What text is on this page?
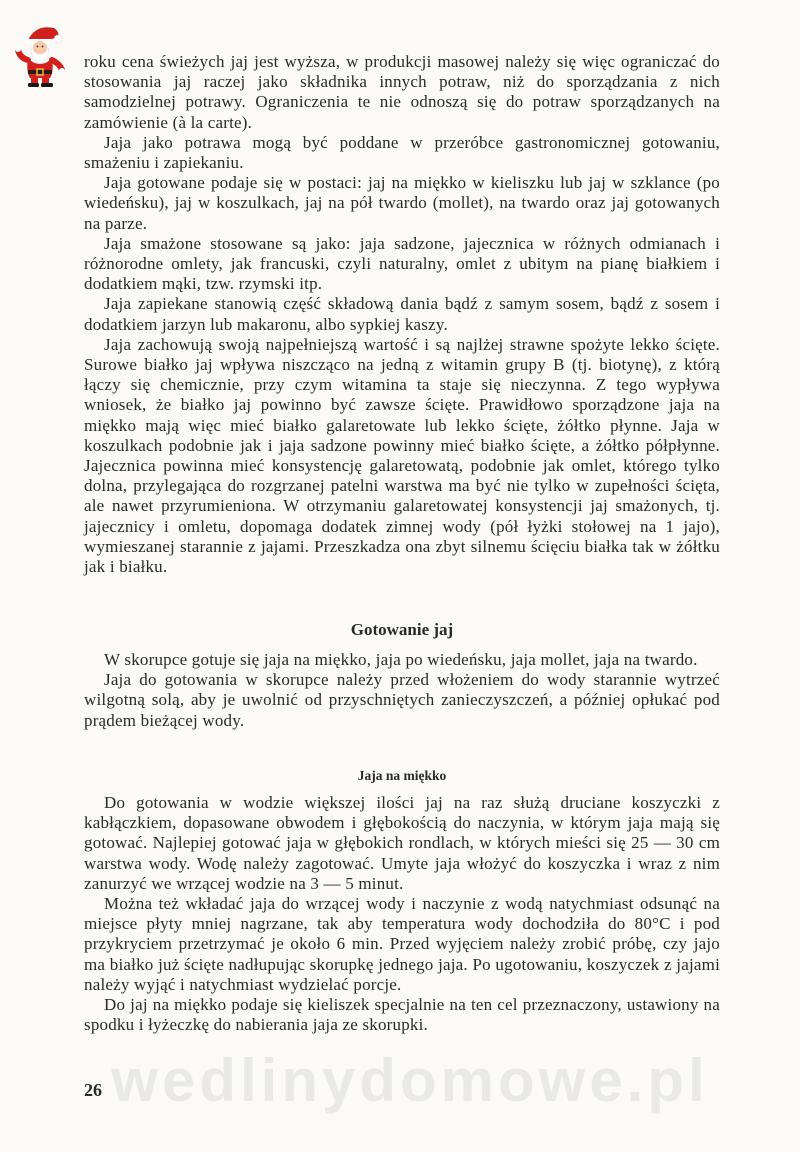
roku cena świeżych jaj jest wyższa, w produkcji masowej należy się więc ograniczać do stosowania jaj raczej jako składnika innych potraw, niż do sporządzania z nich samodzielnej potrawy. Ograniczenia te nie odnoszą się do potraw sporządzanych na zamówienie (à la carte).

Jaja jako potrawa mogą być poddane w przeróbce gastronomicznej gotowaniu, smażeniu i zapiekaniu.

Jaja gotowane podaje się w postaci: jaj na miękko w kieliszku lub jaj w szklance (po wiedeńsku), jaj w koszulkach, jaj na pół twardo (mollet), na twardo oraz jaj gotowanych na parze.

Jaja smażone stosowane są jako: jaja sadzone, jajecznica w różnych odmianach i różnorodne omlety, jak francuski, czyli naturalny, omlet z ubitym na pianę białkiem i dodatkiem mąki, tzw. rzymski itp.

Jaja zapiekane stanowią część składową dania bądź z samym sosem, bądź z sosem i dodatkiem jarzyn lub makaronu, albo sypkiej kaszy.

Jaja zachowują swoją najpełniejszą wartość i są najlżej strawne spożyte lekko ścięte. Surowe białko jaj wpływa niszcząco na jedną z witamin grupy B (tj. biotynę), z którą łączy się chemicznie, przy czym witamina ta staje się nieczynna. Z tego wypływa wniosek, że białko jaj powinno być zawsze ścięte. Prawidłowo sporządzone jaja na miękko mają więc mieć białko galaretowate lub lekko ścięte, żółtko płynne. Jaja w koszulkach podobnie jak i jaja sadzone powinny mieć białko ścięte, a żółtko półpłynne. Jajecznica powinna mieć konsystencję galaretowatą, podobnie jak omlet, którego tylko dolna, przylegająca do rozgrzanej patelni warstwa ma być nie tylko w zupełności ścięta, ale nawet przyrumieniona. W otrzymaniu galaretowatej konsystencji jaj smażonych, tj. jajecznicy i omletu, dopomaga dodatek zimnej wody (pół łyżki stołowej na 1 jajo), wymieszanej starannie z jajami. Przeszkadza ona zbyt silnemu ścięciu białka tak w żółtku jak i białku.

Gotowanie jaj

W skorupce gotuje się jaja na miękko, jaja po wiedeńsku, jaja mollet, jaja na twardo.

Jaja do gotowania w skorupce należy przed włożeniem do wody starannie wytrzeć wilgotną solą, aby je uwolnić od przyschniętych zanieczyszczeń, a później opłukać pod prądem bieżącej wody.

Jaja na miękko

Do gotowania w wodzie większej ilości jaj na raz służą druciane koszyczki z kabłączkiem, dopasowane obwodem i głębokością do naczynia, w którym jaja mają się gotować. Najlepiej gotować jaja w głębokich rondlach, w których mieści się 25 — 30 cm warstwa wody. Wodę należy zagotować. Umyte jaja włożyć do koszyczka i wraz z nim zanurzyć we wrzącej wodzie na 3 — 5 minut.

Można też wkładać jaja do wrzącej wody i naczynie z wodą natychmiast odsunąć na miejsce płyty mniej nagrzane, tak aby temperatura wody dochodziła do 80°C i pod przykryciem przetrzymać je około 6 min. Przed wyjęciem należy zrobić próbę, czy jajo ma białko już ścięte nadłupując skorupkę jednego jaja. Po ugotowaniu, koszyczek z jajami należy wyjąć i natychmiast wydzielać porcje.

Do jaj na miękko podaje się kieliszek specjalnie na ten cel przeznaczony, ustawiony na spodku i łyżeczkę do nabierania jaja ze skorupki.

wedlinydomowe.pl
26
